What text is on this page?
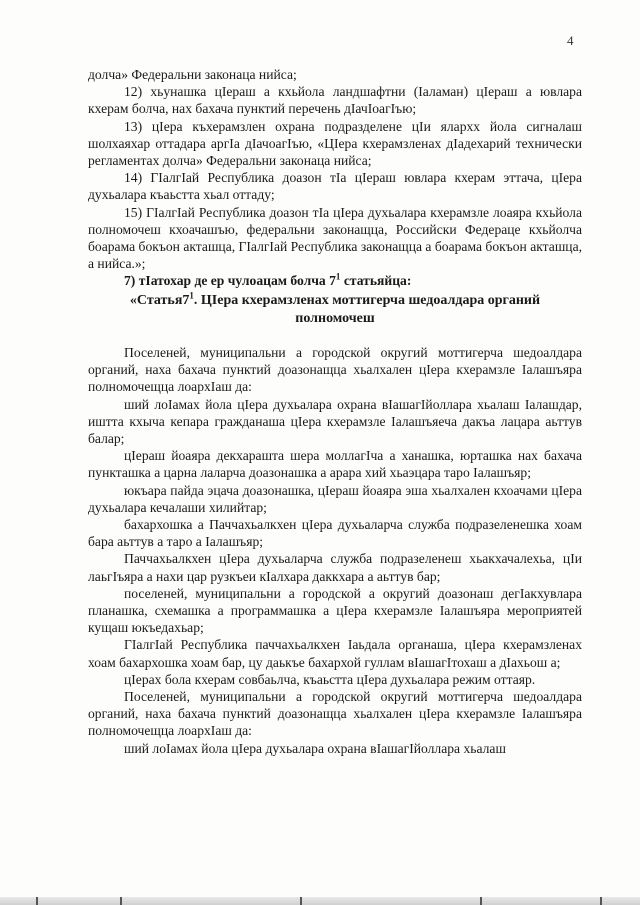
4

долча» Федеральни законаца нийса;

12) хьунашка цIераш а кхьйола ландшафтни (Iаламан) цIераш а ювлара кхерам болча, нах бахача пунктий перечень дIачIоагIъю;

13) цIера къхерамзлен охрана подразделене цIи ялархх йола сигналаш шолхаяхар оттадара аргIа дIачоагIъю, «ЦIера кхерамзленах дIадехарий технически регламентах долча» Федеральни законаца нийса;

14) ГIалгIай Республика доазон тIа цIераш ювлара кхерам эттача, цIера духьалара къаьстта хьал оттаду;

15) ГIалгIай Республика доазон тIа цIера духьалара кхерамзле лоаяра кхьйола полномочеш кхоачашъю, федеральни законащца, Российски Федерацe кхьйолча боарама бокъон акташца, ГIалгIай Республика законащца а боарама бокъон акташца, а нийса.»;

7) тIатохар де ер чулоацам болча $7^1$ статьяйца:

«$Статья7^1$. ЦIера кхерамзленах моттигерча шедоалдара органий полномочеш

Поселеней, муниципальни а городской округий моттигерча шедоалдара органий, наха бахача пунктий доазонащца хьалхален цIера кхерамзле Iалашъяра полномочещца лоархIаш да:

ший лоIамах йола цIера духьалара охрана вIашагIйоллара хьалаш Iалашдар, иштта кхыча кепара гражданаша цIера кхерамзле Iалашъяеча дакъа лацара аьттув балар;

цIераш йоаяра декхараштa шера моллагIча а ханашка, юрташка нах бахача пункташка а царна лаларча доазонашка а арара хий хьаэцара таро Iалашъяр;

юкъара пайда эцача доазонашка, цIераш йоаяра эша хьалхален кхоачами цIера духьалара кечалаши хилийтар;

бахархошка а Паччахьалкхен цIера духьаларча служба подразеленешка хоам бара аьттув а таро а Iалашъяр;

Паччахьалкхен цIера духьаларча служба подразеленеш хьакхачалехьа, цIи лаьгIъяра а нахи цар рузкъеи кIалхара даккхара а аьттув бар;

поселеней, муниципальни а городской а округий доазонаш дегIакхувлара планашка, схемашка а программашка а цIера кхерамзле Iалашъяра мероприятей кущаш юкъедахьар;

ГIалгIай Республика паччахьалкхен Iаьдала органаша, цIера кхерамзленах хоам бахархошка хоам бар, цу даькъе бахархой гуллам вIашагIтохаш а дIахьош а;

цIерах бола кхерам совбаьлча, къаьстта цIера духьалара режим оттаяр.

Поселеней, муниципальни а городской округий моттигерча шедоалдара органий, наха бахача пунктий доазонащца хьалхален цIера кхерамзле Iалашъяра полномочещца лоархIаш да:

ший лоIамах йола цIера духьалара охрана вIашагIйоллара хьалаш
